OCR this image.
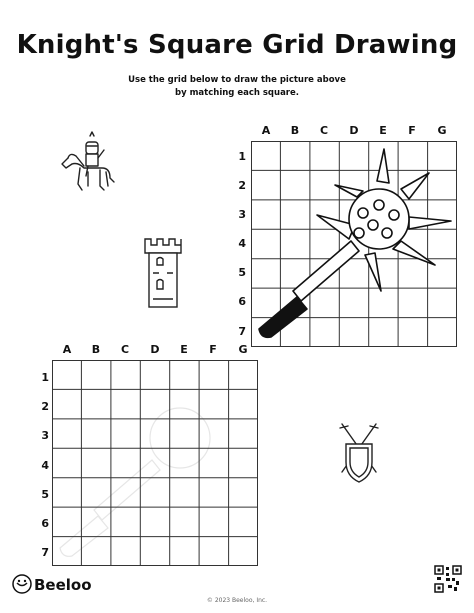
Knight's Square Grid Drawing
Use the grid below to draw the picture above
by matching each square.
A	B	C	D	E	F	G
1
2
3
4
5
6
7
A	B	C	D	E	F	G
1
2
3
4
5
6
7
Beeloo
© 2023 Beeloo, Inc.
